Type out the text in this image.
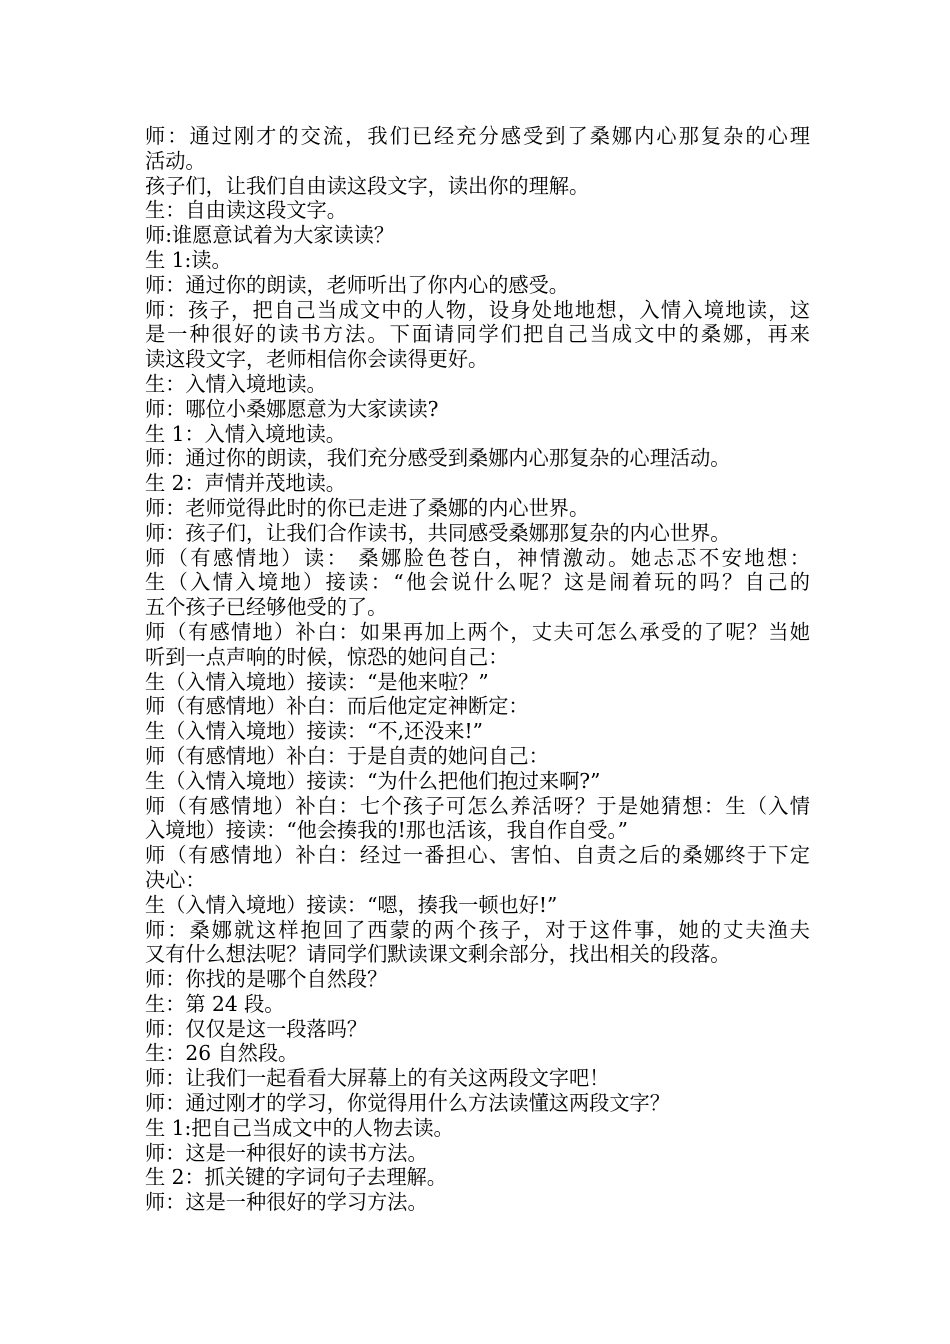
师：通过刚才的交流，我们已经充分感受到了桑娜内心那复杂的心理

活动。

孩子们，让我们自由读这段文字，读出你的理解。

生：自由读这段文字。

师:谁愿意试着为大家读读？

生 1:读。

师：通过你的朗读，老师听出了你内心的感受。

师：孩子，把自己当成文中的人物，设身处地地想，入情入境地读，这

是一种很好的读书方法。下面请同学们把自己当成文中的桑娜，再来

读这段文字，老师相信你会读得更好。

生：入情入境地读。

师：哪位小桑娜愿意为大家读读?

生 1：入情入境地读。

师：通过你的朗读，我们充分感受到桑娜内心那复杂的心理活动。

生 2：声情并茂地读。

师：老师觉得此时的你已走进了桑娜的内心世界。

师：孩子们，让我们合作读书，共同感受桑娜那复杂的内心世界。

师（有感情地）读： 桑娜脸色苍白，神情激动。她忐忑不安地想：

生（入情入境地）接读：“他会说什么呢？这是闹着玩的吗？自己的

五个孩子已经够他受的了。

师（有感情地）补白：如果再加上两个，丈夫可怎么承受的了呢？当她

听到一点声响的时候，惊恐的她问自己：

生（入情入境地）接读：“是他来啦？”

师（有感情地）补白：而后他定定神断定：

生（入情入境地）接读：“不,还没来!”

师（有感情地）补白：于是自责的她问自己：

生（入情入境地）接读：“为什么把他们抱过来啊?”

师（有感情地）补白：七个孩子可怎么养活呀？于是她猜想：生（入情

入境地）接读：“他会揍我的!那也活该，我自作自受。”

师（有感情地）补白：经过一番担心、害怕、自责之后的桑娜终于下定

决心：

生（入情入境地）接读：“嗯，揍我一顿也好!”

师：桑娜就这样抱回了西蒙的两个孩子，对于这件事，她的丈夫渔夫

又有什么想法呢？请同学们默读课文剩余部分，找出相关的段落。

师：你找的是哪个自然段？

生：第 24 段。

师：仅仅是这一段落吗？

生：26 自然段。

师：让我们一起看看大屏幕上的有关这两段文字吧！

师：通过刚才的学习，你觉得用什么方法读懂这两段文字？

生 1:把自己当成文中的人物去读。

师：这是一种很好的读书方法。

生 2：抓关键的字词句子去理解。

师：这是一种很好的学习方法。
